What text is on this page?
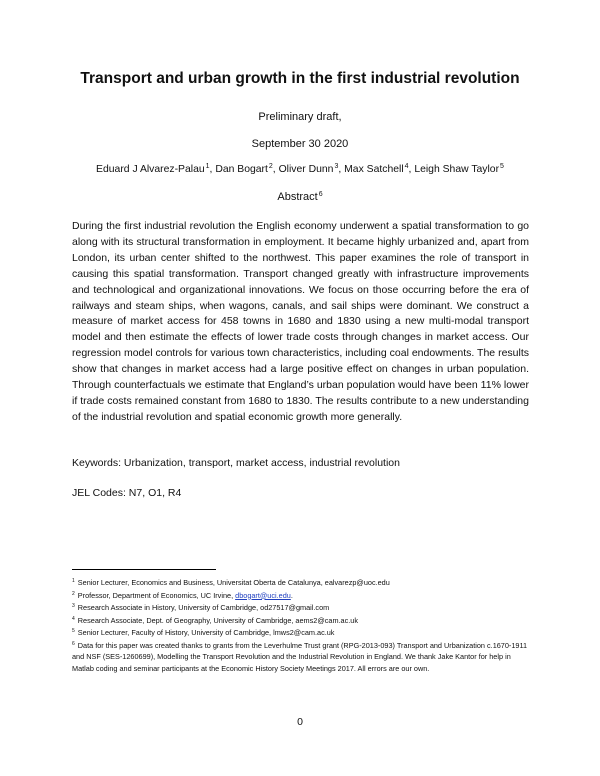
Transport and urban growth in the first industrial revolution
Preliminary draft,
September 30 2020
Eduard J Alvarez-Palau$^1$, Dan Bogart$^2$, Oliver Dunn$^3$, Max Satchell$^4$, Leigh Shaw Taylor$^5$
Abstract$^6$

During the first industrial revolution the English economy underwent a spatial transformation to go along with its structural transformation in employment. It became highly urbanized and, apart from London, its urban center shifted to the northwest. This paper examines the role of transport in causing this spatial transformation. Transport changed greatly with infrastructure improvements and technological and organizational innovations. We focus on those occurring before the era of railways and steam ships, when wagons, canals, and sail ships were dominant. We construct a measure of market access for 458 towns in 1680 and 1830 using a new multi-modal transport model and then estimate the effects of lower trade costs through changes in market access. Our regression model controls for various town characteristics, including coal endowments. The results show that changes in market access had a large positive effect on changes in urban population. Through counterfactuals we estimate that England’s urban population would have been 11% lower if trade costs remained constant from 1680 to 1830. The results contribute to a new understanding of the industrial revolution and spatial economic growth more generally.

Keywords: Urbanization, transport, market access, industrial revolution
JEL Codes: N7, O1, R4

$^1$ Senior Lecturer, Economics and Business, Universitat Oberta de Catalunya, ealvarezp@uoc.edu

$^2$ Professor, Department of Economics, UC Irvine, dbogart@uci.edu.

$^3$ Research Associate in History, University of Cambridge, od27517@gmail.com

$^4$ Research Associate, Dept. of Geography, University of Cambridge, aems2@cam.ac.uk

$^5$ Senior Lecturer, Faculty of History, University of Cambridge, lmws2@cam.ac.uk

$^6$ Data for this paper was created thanks to grants from the Leverhulme Trust grant (RPG-2013-093) Transport and Urbanization c.1670-1911 and NSF (SES-1260699), Modelling the Transport Revolution and the Industrial Revolution in England. We thank Jake Kantor for help in Matlab coding and seminar participants at the Economic History Society Meetings 2017. All errors are our own.

0
